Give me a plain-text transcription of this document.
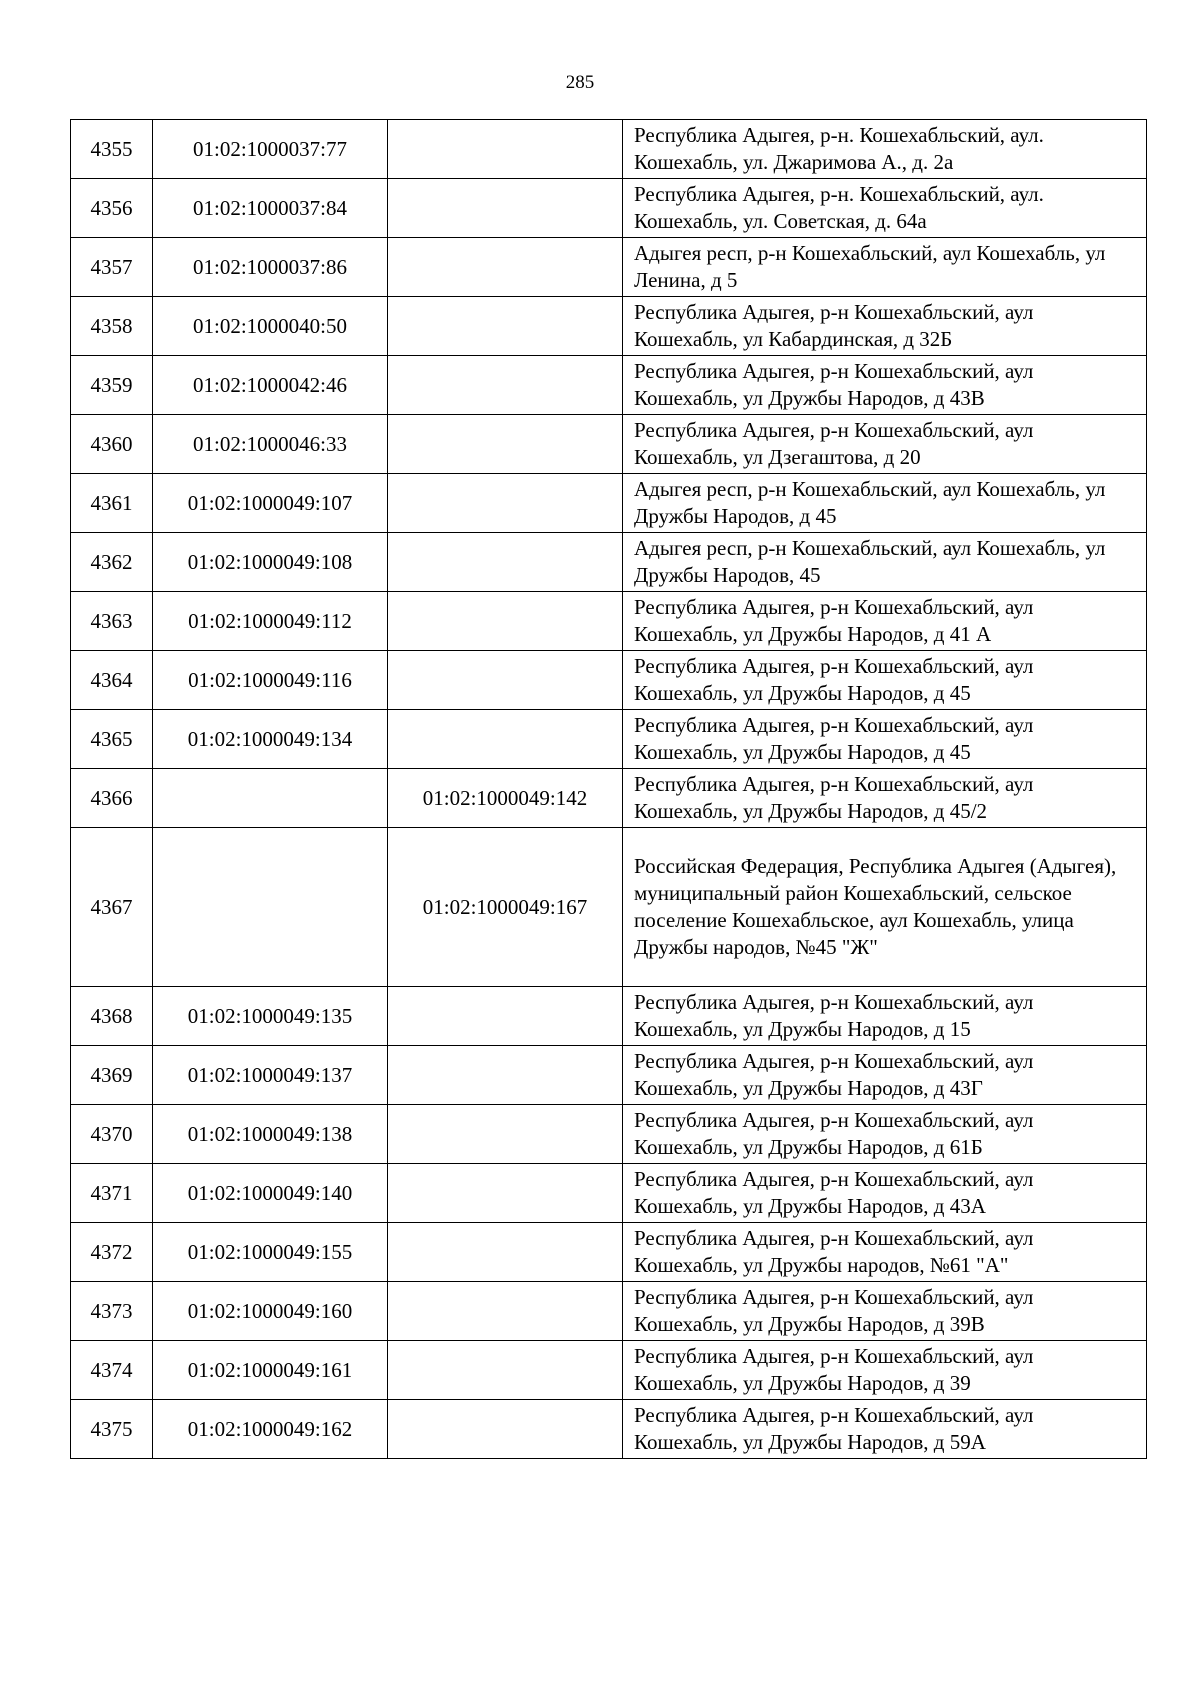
285
4355	01:02:1000037:77		Республика Адыгея, р-н. Кошехабльский, аул. Кошехабль, ул. Джаримова А., д. 2а
4356	01:02:1000037:84		Республика Адыгея, р-н. Кошехабльский, аул. Кошехабль, ул. Советская, д. 64а
4357	01:02:1000037:86		Адыгея респ, р-н Кошехабльский, аул Кошехабль, ул Ленина, д 5
4358	01:02:1000040:50		Республика Адыгея, р-н Кошехабльский, аул Кошехабль, ул Кабардинская, д 32Б
4359	01:02:1000042:46		Республика Адыгея, р-н Кошехабльский, аул Кошехабль, ул Дружбы Народов, д 43В
4360	01:02:1000046:33		Республика Адыгея, р-н Кошехабльский, аул Кошехабль, ул Дзегаштова, д 20
4361	01:02:1000049:107		Адыгея респ, р-н Кошехабльский, аул Кошехабль, ул Дружбы Народов, д 45
4362	01:02:1000049:108		Адыгея респ, р-н Кошехабльский, аул Кошехабль, ул Дружбы Народов, 45
4363	01:02:1000049:112		Республика Адыгея, р-н Кошехабльский, аул Кошехабль, ул Дружбы Народов, д 41 А
4364	01:02:1000049:116		Республика Адыгея, р-н Кошехабльский, аул Кошехабль, ул Дружбы Народов, д 45
4365	01:02:1000049:134		Республика Адыгея, р-н Кошехабльский, аул Кошехабль, ул Дружбы Народов, д 45
4366		01:02:1000049:142	Республика Адыгея, р-н Кошехабльский, аул Кошехабль, ул Дружбы Народов, д 45/2
4367		01:02:1000049:167	Российская Федерация, Республика Адыгея (Адыгея), муниципальный район Кошехабльский, сельское поселение Кошехабльское, аул Кошехабль, улица Дружбы народов, №45 "Ж"
4368	01:02:1000049:135		Республика Адыгея, р-н Кошехабльский, аул Кошехабль, ул Дружбы Народов, д 15
4369	01:02:1000049:137		Республика Адыгея, р-н Кошехабльский, аул Кошехабль, ул Дружбы Народов, д 43Г
4370	01:02:1000049:138		Республика Адыгея, р-н Кошехабльский, аул Кошехабль, ул Дружбы Народов, д 61Б
4371	01:02:1000049:140		Республика Адыгея, р-н Кошехабльский, аул Кошехабль, ул Дружбы Народов, д 43А
4372	01:02:1000049:155		Республика Адыгея, р-н Кошехабльский, аул Кошехабль, ул Дружбы народов, №61 "А"
4373	01:02:1000049:160		Республика Адыгея, р-н Кошехабльский, аул Кошехабль, ул Дружбы Народов, д 39В
4374	01:02:1000049:161		Республика Адыгея, р-н Кошехабльский, аул Кошехабль, ул Дружбы Народов, д 39
4375	01:02:1000049:162		Республика Адыгея, р-н Кошехабльский, аул Кошехабль, ул Дружбы Народов, д 59А
